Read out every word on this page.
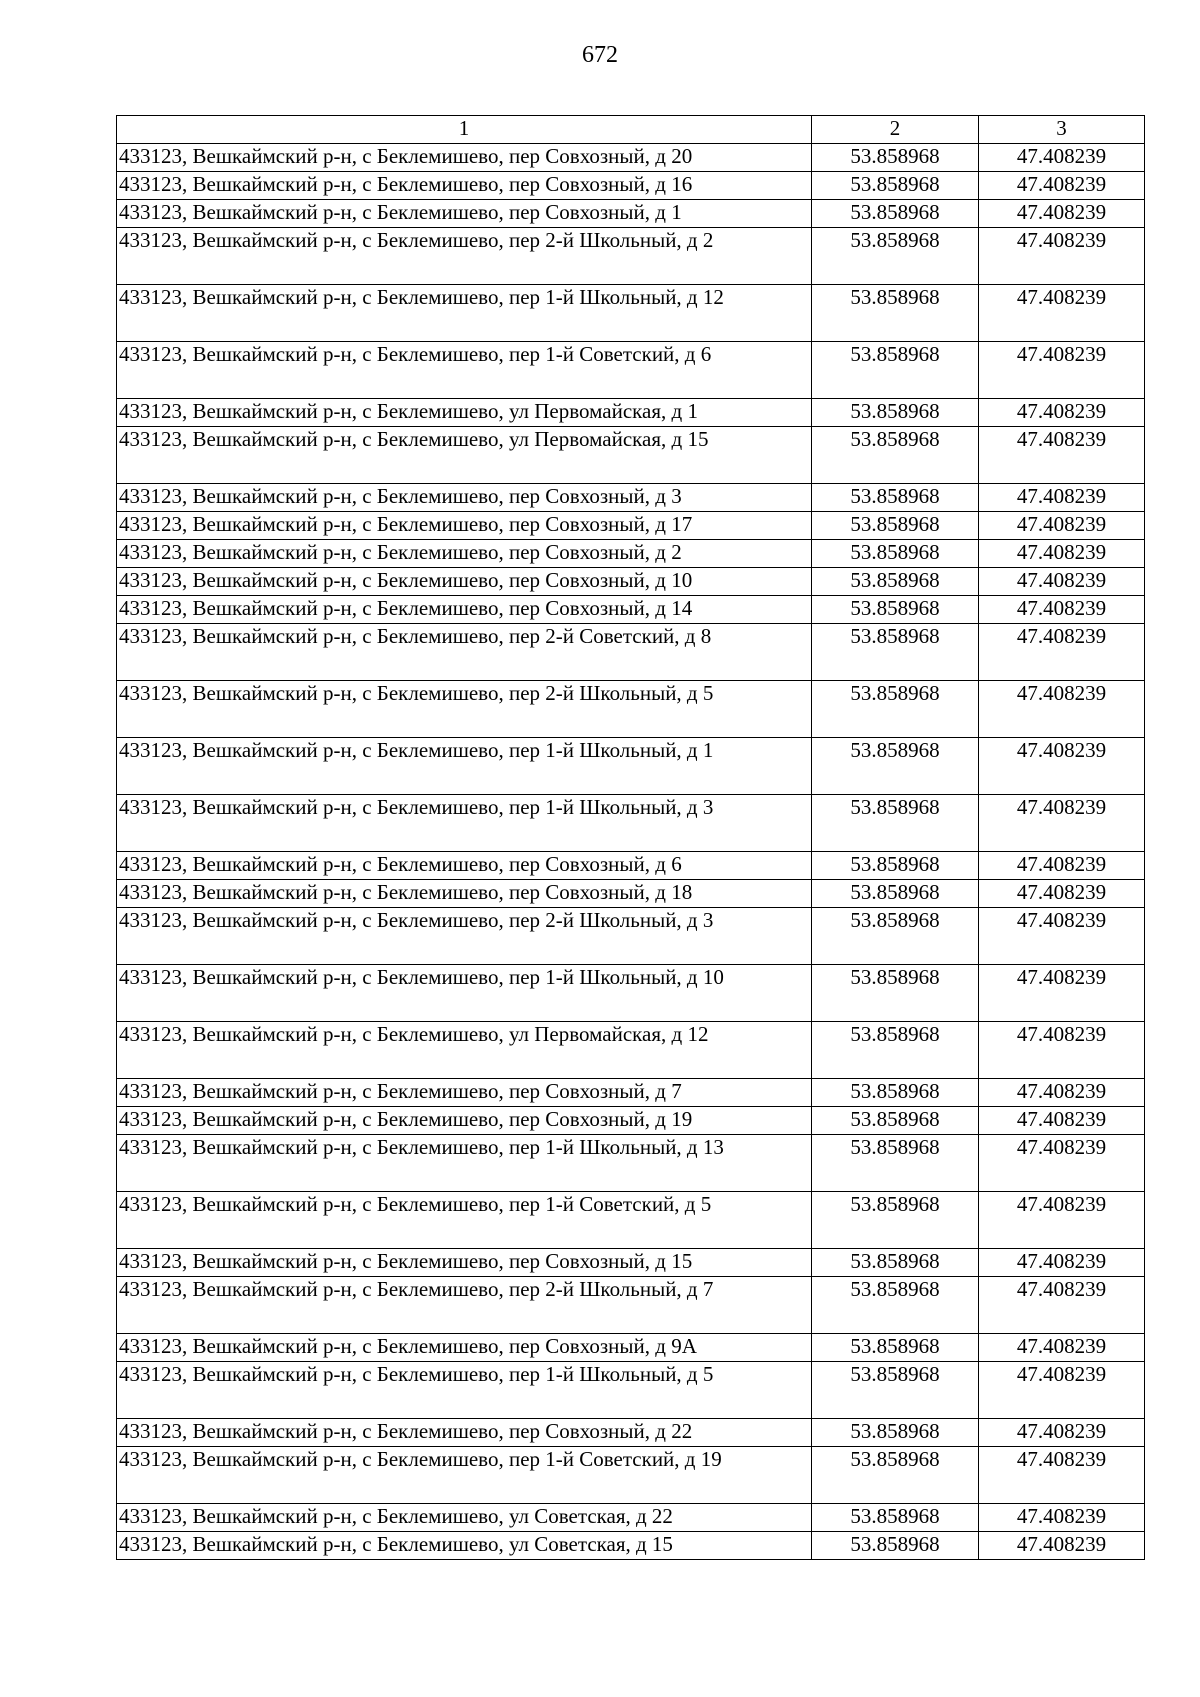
672
1	2	3
433123, Вешкаймский р-н, с Беклемишево, пер Совхозный, д 20	53.858968	47.408239
433123, Вешкаймский р-н, с Беклемишево, пер Совхозный, д 16	53.858968	47.408239
433123, Вешкаймский р-н, с Беклемишево, пер Совхозный, д 1	53.858968	47.408239
433123, Вешкаймский р-н, с Беклемишево, пер 2-й Школьный, д 2	53.858968	47.408239
433123, Вешкаймский р-н, с Беклемишево, пер 1-й Школьный, д 12	53.858968	47.408239
433123, Вешкаймский р-н, с Беклемишево, пер 1-й Советский, д 6	53.858968	47.408239
433123, Вешкаймский р-н, с Беклемишево, ул Первомайская, д 1	53.858968	47.408239
433123, Вешкаймский р-н, с Беклемишево, ул Первомайская, д 15	53.858968	47.408239
433123, Вешкаймский р-н, с Беклемишево, пер Совхозный, д 3	53.858968	47.408239
433123, Вешкаймский р-н, с Беклемишево, пер Совхозный, д 17	53.858968	47.408239
433123, Вешкаймский р-н, с Беклемишево, пер Совхозный, д 2	53.858968	47.408239
433123, Вешкаймский р-н, с Беклемишево, пер Совхозный, д 10	53.858968	47.408239
433123, Вешкаймский р-н, с Беклемишево, пер Совхозный, д 14	53.858968	47.408239
433123, Вешкаймский р-н, с Беклемишево, пер 2-й Советский, д 8	53.858968	47.408239
433123, Вешкаймский р-н, с Беклемишево, пер 2-й Школьный, д 5	53.858968	47.408239
433123, Вешкаймский р-н, с Беклемишево, пер 1-й Школьный, д 1	53.858968	47.408239
433123, Вешкаймский р-н, с Беклемишево, пер 1-й Школьный, д 3	53.858968	47.408239
433123, Вешкаймский р-н, с Беклемишево, пер Совхозный, д 6	53.858968	47.408239
433123, Вешкаймский р-н, с Беклемишево, пер Совхозный, д 18	53.858968	47.408239
433123, Вешкаймский р-н, с Беклемишево, пер 2-й Школьный, д 3	53.858968	47.408239
433123, Вешкаймский р-н, с Беклемишево, пер 1-й Школьный, д 10	53.858968	47.408239
433123, Вешкаймский р-н, с Беклемишево, ул Первомайская, д 12	53.858968	47.408239
433123, Вешкаймский р-н, с Беклемишево, пер Совхозный, д 7	53.858968	47.408239
433123, Вешкаймский р-н, с Беклемишево, пер Совхозный, д 19	53.858968	47.408239
433123, Вешкаймский р-н, с Беклемишево, пер 1-й Школьный, д 13	53.858968	47.408239
433123, Вешкаймский р-н, с Беклемишево, пер 1-й Советский, д 5	53.858968	47.408239
433123, Вешкаймский р-н, с Беклемишево, пер Совхозный, д 15	53.858968	47.408239
433123, Вешкаймский р-н, с Беклемишево, пер 2-й Школьный, д 7	53.858968	47.408239
433123, Вешкаймский р-н, с Беклемишево, пер Совхозный, д 9А	53.858968	47.408239
433123, Вешкаймский р-н, с Беклемишево, пер 1-й Школьный, д 5	53.858968	47.408239
433123, Вешкаймский р-н, с Беклемишево, пер Совхозный, д 22	53.858968	47.408239
433123, Вешкаймский р-н, с Беклемишево, пер 1-й Советский, д 19	53.858968	47.408239
433123, Вешкаймский р-н, с Беклемишево, ул Советская, д 22	53.858968	47.408239
433123, Вешкаймский р-н, с Беклемишево, ул Советская, д 15	53.858968	47.408239
